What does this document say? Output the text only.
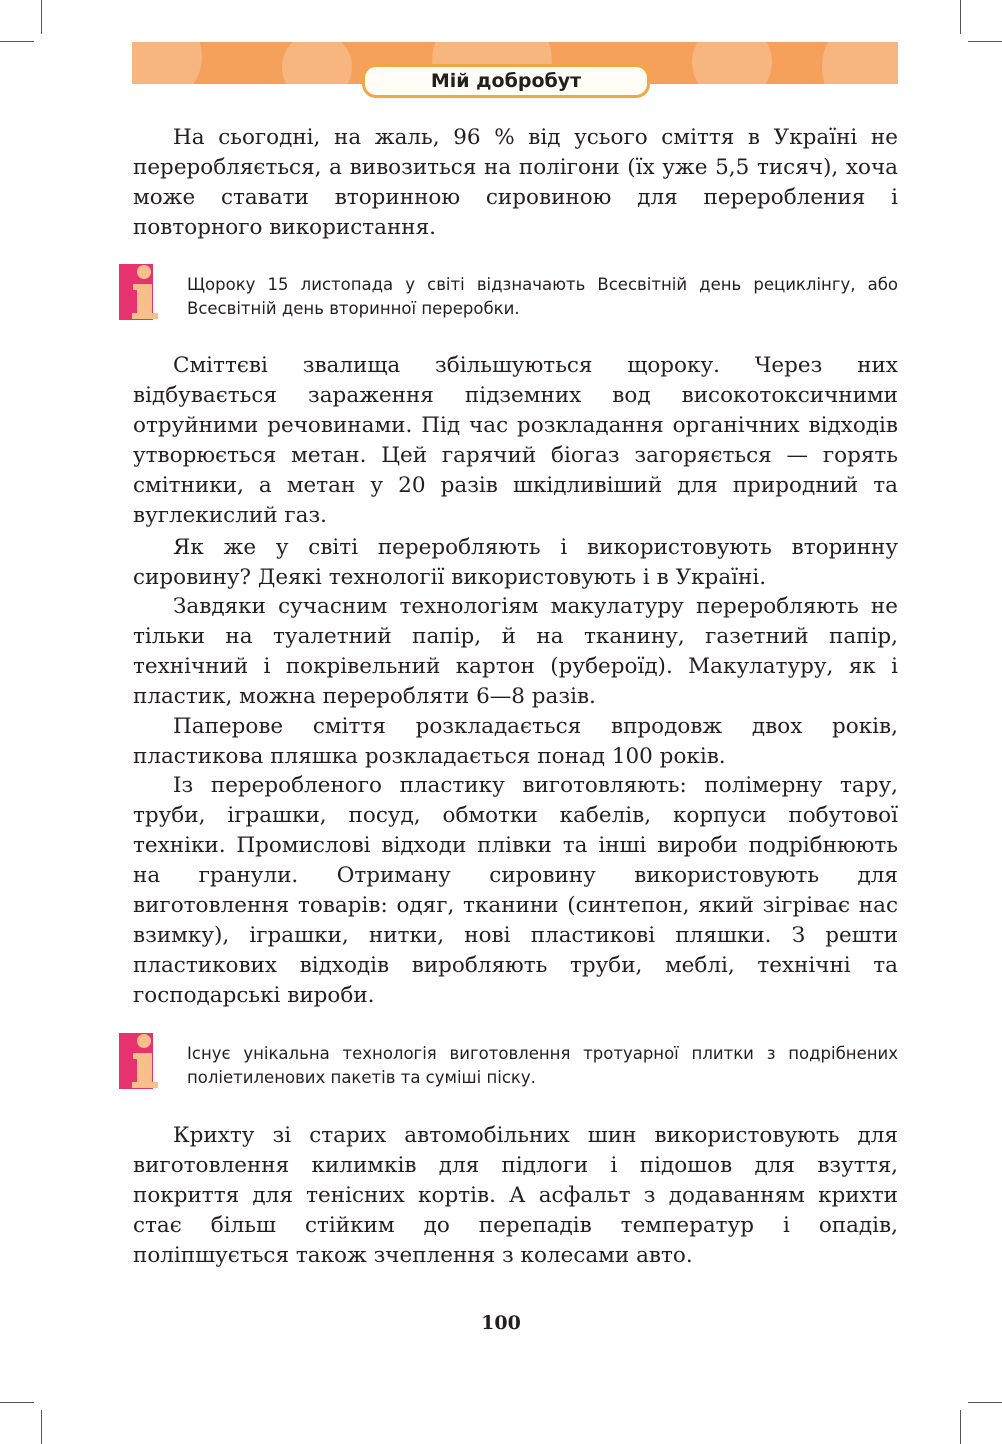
Мій добробут

На сьогодні, на жаль, 96 % від усього сміття в Україні не переробляється, а вивозиться на полігони (їх уже 5,5 тисяч), хоча може ставати вторинною сировиною для переробления і повторного використання.

Щороку 15 листопада у світі відзначають Всесвітній день рециклінгу, або Всесвітній день вторинної переробки.

Сміттєві звалища збільшуються щороку. Через них відбувається зараження підземних вод високотоксичними отруйними речовинами. Під час розкладання органічних відходів утворюється метан. Цей гарячий біогаз загоряється — горять смітники, а метан у 20 разів шкідливіший для природний та вуглекислий газ.

Як же у світі переробляють і використовують вторинну сировину? Деякі технології використовують і в Україні.

Завдяки сучасним технологіям макулатуру переробляють не тільки на туалетний папір, й на тканину, газетний папір, технічний і покрівельний картон (рубероїд). Макулатуру, як і пластик, можна переробляти 6—8 разів.

Паперове сміття розкладається впродовж двох років, пластикова пляшка розкладається понад 100 років.

Із переробленого пластику виготовляють: полімерну тару, труби, іграшки, посуд, обмотки кабелів, корпуси побутової техніки. Промислові відходи плівки та інші вироби подрібнюють на гранули. Отриману сировину використовують для виготовлення товарів: одяг, тканини (синтепон, який зігріває нас взимку), іграшки, нитки, нові пластикові пляшки. З решти пластикових відходів виробляють труби, меблі, технічні та господарські вироби.

Існує унікальна технологія виготовлення тротуарної плитки з подрібнених поліетиленових пакетів та суміші піску.

Крихту зі старих автомобільних шин використовують для виготовлення килимків для підлоги і підошов для взуття, покриття для тенісних кортів. А асфальт з додаванням крихти стає більш стійким до перепадів температур і опадів, поліпшується також зчеплення з колесами авто.

100
